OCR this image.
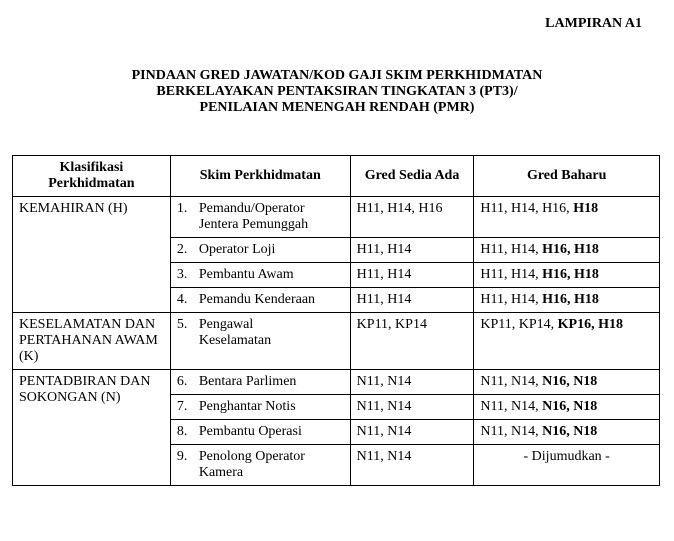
LAMPIRAN A1
PINDAAN GRED JAWATAN/KOD GAJI SKIM PERKHIDMATAN
BERKELAYAKAN PENTAKSIRAN TINGKATAN 3 (PT3)/
PENILAIAN MENENGAH RENDAH (PMR)
Klasifikasi Perkhidmatan	Skim Perkhidmatan	Gred Sedia Ada	Gred Baharu
KEMAHIRAN (H)	1. Pemandu/Operator Jentera Pemunggah	H11, H14, H16	H11, H14, H16, H18

	2. Operator Loji	H11, H14	H11, H14, H16, H18

	3. Pembantu Awam	H11, H14	H11, H14, H16, H18

	4. Pemandu Kenderaan	H11, H14	H11, H14, H16, H18
KESELAMATAN DAN PERTAHANAN AWAM (K)	5. Pengawal Keselamatan	KP11, KP14	KP11, KP14, KP16, H18
PENTADBIRAN DAN SOKONGAN (N)	6. Bentara Parlimen	N11, N14	N11, N14, N16, N18

	7. Penghantar Notis	N11, N14	N11, N14, N16, N18

	8. Pembantu Operasi	N11, N14	N11, N14, N16, N18

	9. Penolong Operator Kamera	N11, N14	- Dijumudkan -
